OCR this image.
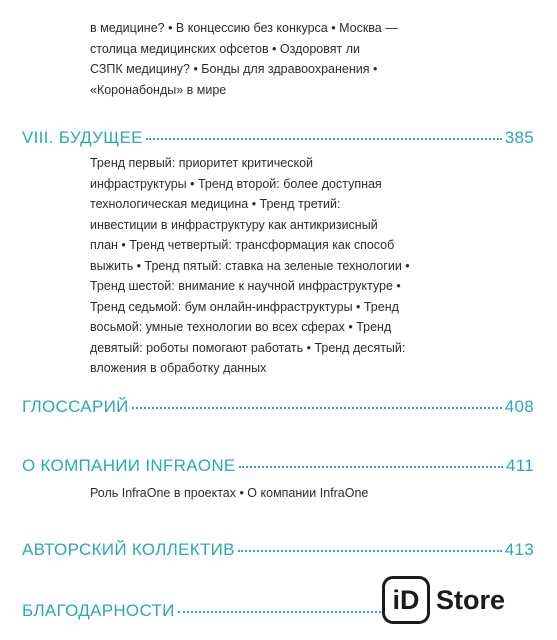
в медицине? • В концессию без конкурса • Москва —
столица медицинских офсетов • Оздоровят ли
СЗПК медицину? • Бонды для здравоохранения •
«Коронабонды» в мире

VIII. БУДУЩЕЕ	385

Тренд первый: приоритет критической
инфраструктуры • Тренд второй: более доступная
технологическая медицина • Тренд третий:
инвестиции в инфраструктуру как антикризисный
план • Тренд четвертый: трансформация как способ
выжить • Тренд пятый: ставка на зеленые технологии •
Тренд шестой: внимание к научной инфраструктуре •
Тренд седьмой: бум онлайн-инфраструктуры • Тренд
восьмой: умные технологии во всех сферах • Тренд
девятый: роботы помогают работать • Тренд десятый:
вложения в обработку данных

ГЛОССАРИЙ	408
О КОМПАНИИ INFRAONE	411

Роль InfraOne в проектах • О компании InfraOne

АВТОРСКИЙ КОЛЛЕКТИВ	413
БЛАГОДАРНОСТИ	iD Store
